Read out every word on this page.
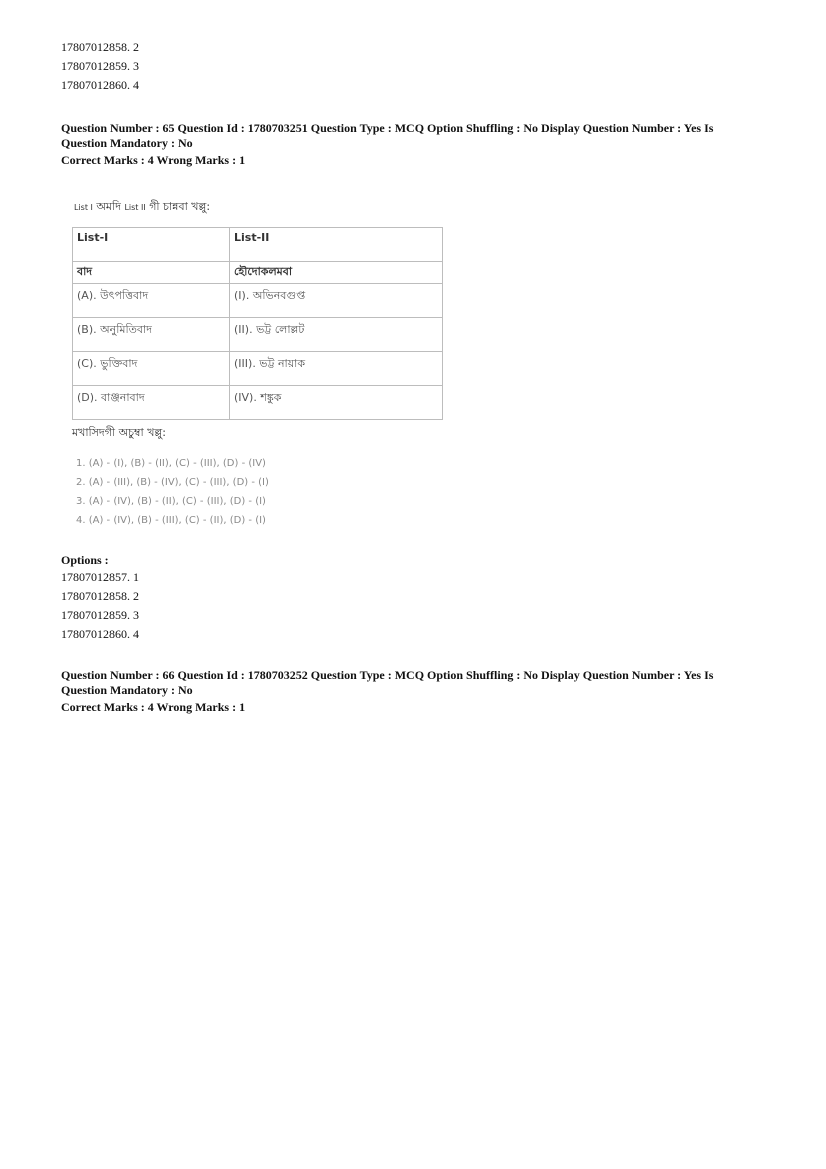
17807012858. 2
17807012859. 3
17807012860. 4
Question Number : 65 Question Id : 1780703251 Question Type : MCQ Option Shuffling : No Display Question Number : Yes Is
Question Mandatory : No
Correct Marks : 4 Wrong Marks : 1
List I অমদি List II গী চান্নবা খল্লু:
List-I	List-II
বাদ	হৌদোকলমবা
(A). উৎপত্তিবাদ	(I). অভিনবগুপ্ত
(B). অনুমিতিবাদ	(II). ভট্ট লোল্লট
(C). ভুক্তিবাদ	(III). ভট্ট নায়াক
(D). বাঞ্জনাবাদ	(IV). শঙ্কুক
মখাসিদগী অচুম্বা খল্লু:
1. (A) - (I), (B) - (II), (C) - (III), (D) - (IV)
2. (A) - (III), (B) - (IV), (C) - (III), (D) - (I)
3. (A) - (IV), (B) - (II), (C) - (III), (D) - (I)
4. (A) - (IV), (B) - (III), (C) - (II), (D) - (I)
Options :
17807012857. 1
17807012858. 2
17807012859. 3
17807012860. 4
Question Number : 66 Question Id : 1780703252 Question Type : MCQ Option Shuffling : No Display Question Number : Yes Is
Question Mandatory : No
Correct Marks : 4 Wrong Marks : 1
